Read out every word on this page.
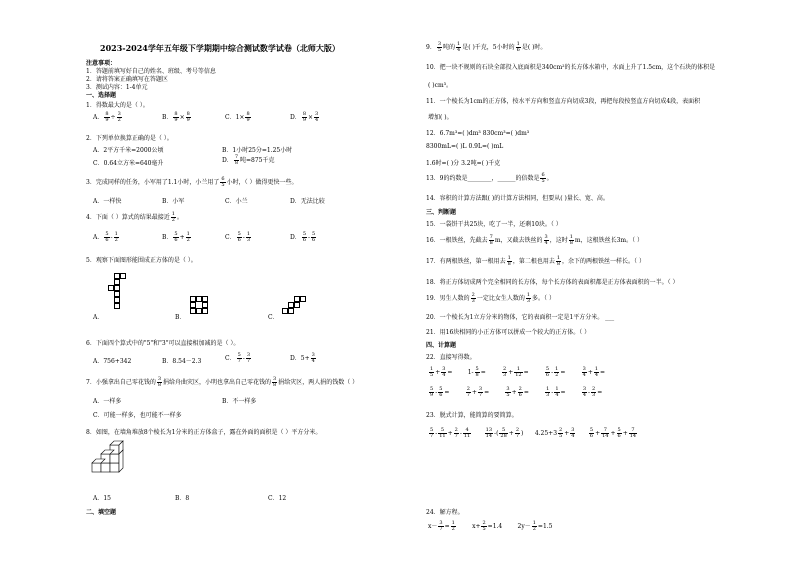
2023-2024学年五年级下学期期中综合测试数学试卷（北师大版）
注意事项：
1．答题前填写好自己的姓名、班级、考号等信息
2．请将答案正确填写在答题区
3．测试内容：1-4单元
一、选择题
1．得数最大的是（ ）。
A． $\frac{8}{9} \div \frac{3}{2}$	B． $\frac{8}{9} \times \frac{8}{9}$	C．$1\times \frac{8}{9}$	D． $\frac{8}{9} \times \frac{3}{4}$
2．下列单位换算正确的是（ ）。
A．2平方千米=2000公顷	B．1小时25分=1.25小时
C．0.64立方米=640毫升	D． $\frac{7}{8}$ 吨=875千克
3．完成同样的任务，小军用了1.1小时，小兰用了 $\frac{6}{5}$ 小时，（ ）做得更快一些。
A．一样快	B．小军	C．小兰	D．无法比较
4．下面（ ）算式的结果最接近 $\frac{1}{2}$ 。
A． $\frac{5}{6} - \frac{1}{2}$	B． $\frac{5}{6} + \frac{1}{2}$	C． $\frac{5}{6} - \frac{1}{3}$	D． $\frac{5}{6} - \frac{5}{6}$
5．观察下面图形能围成正方体的是（ ）。
A．	B．	C．
6．下面四个算式中的"5"和"3"可以直接相加减的是（ ）。
A．756+342	B．8.54－2.3	C． $\frac{5}{7} - \frac{3}{7}$	D．$5+ \frac{3}{4}$
7．小强拿出自己零花钱的 $\frac{3}{8}$ 捐给舟曲灾区，小明也拿出自己零花钱的 $\frac{3}{8}$ 捐给灾区，两人捐的钱数（ ）
A．一样多	B．不一样多
C．可能一样多，也可能不一样多
8．如图，在墙角堆放8个棱长为1分米的正方体盒子，露在外面的面积是（ ）平方分米。
A．15	B．8	C．12
二、填空题
9． $\frac{3}{5}$ 吨的 $\frac{1}{4}$ 是( )千克，5小时的 $\frac{1}{6}$ 是( )时。
10．把一块不规则的石块全部投入底面积是340cm²的长方体水箱中，水面上升了1.5cm，这个石块的体积是
( )cm³。
11．一个棱长为1cm的正方体，按水平方向和竖直方向切成3段，再把每段按竖直方向切成4段，表面积
增加( )。
12．6.7m³=( )dm³ 830cm³=( )dm³
8300mL=( )L 0.9L=( )mL
1.6时=( )分 3.2吨=( )千克
13．9的约数是________，______的倍数是 $\frac{6}{5}$ 。
14．容积的计算方法跟( )的计算方法相同，但要从( )量长、宽、高。
三、判断题
15．一袋饼干共25块，吃了一半，还剩10块。（ ）
16．一根铁丝，先截去 $\frac{7}{8}$ m，又截去铁丝的 $\frac{3}{4}$ ，这时 $\frac{1}{8}$ m，这根铁丝长3m。（ ）
17．有两根铁丝，第一根用去 $\frac{1}{8}$ ，第二根也用去 $\frac{1}{8}$ ，余下的两根铁丝一样长。（ ）
18．将正方体切成两个完全相同的长方体，每个长方体的表面积都是正方体表面积的一半。（ ）
19．男生人数的 $\frac{2}{3}$ 一定比女生人数的 $\frac{1}{3}$ 多。（ ）
20．一个棱长为1立方分米的物体，它的表面积一定是1平方分米。 ___
21．用16块相同的小正方体可以拼成一个较大的正方体。（ ）
四、计算题
22．直接写得数。
$\frac{1}{5} + \frac{3}{4}$ =        $1- \frac{5}{8} = \frac{2}{3} + \frac{1}{12} = \frac{5}{6} - \frac{1}{2} = \frac{3}{4} + \frac{1}{4}$ =
$\frac{5}{9} - \frac{5}{6} = \frac{2}{7} + \frac{3}{7} = \frac{3}{5} + \frac{2}{6} = \frac{1}{3} - \frac{1}{4} = \frac{3}{4} - \frac{2}{3}$ =
23．脱式计算，能简算的要简算。
$\frac{5}{7} - \frac{5}{11} + \frac{2}{7} - \frac{4}{11}$
	$\frac{13}{14}$ -( $\frac{5}{28} + \frac{2}{7}$ )      $4.25+3 \frac{2}{5} + \frac{3}{4}$
	$\frac{5}{6} + \frac{7}{14} + \frac{5}{6} + \frac{7}{14}$
24．解方程。
$x- \frac{3}{7} = \frac{1}{2}$	$x+ \frac{2}{5} =1.4$	$2y- \frac{1}{2} =1.5$
